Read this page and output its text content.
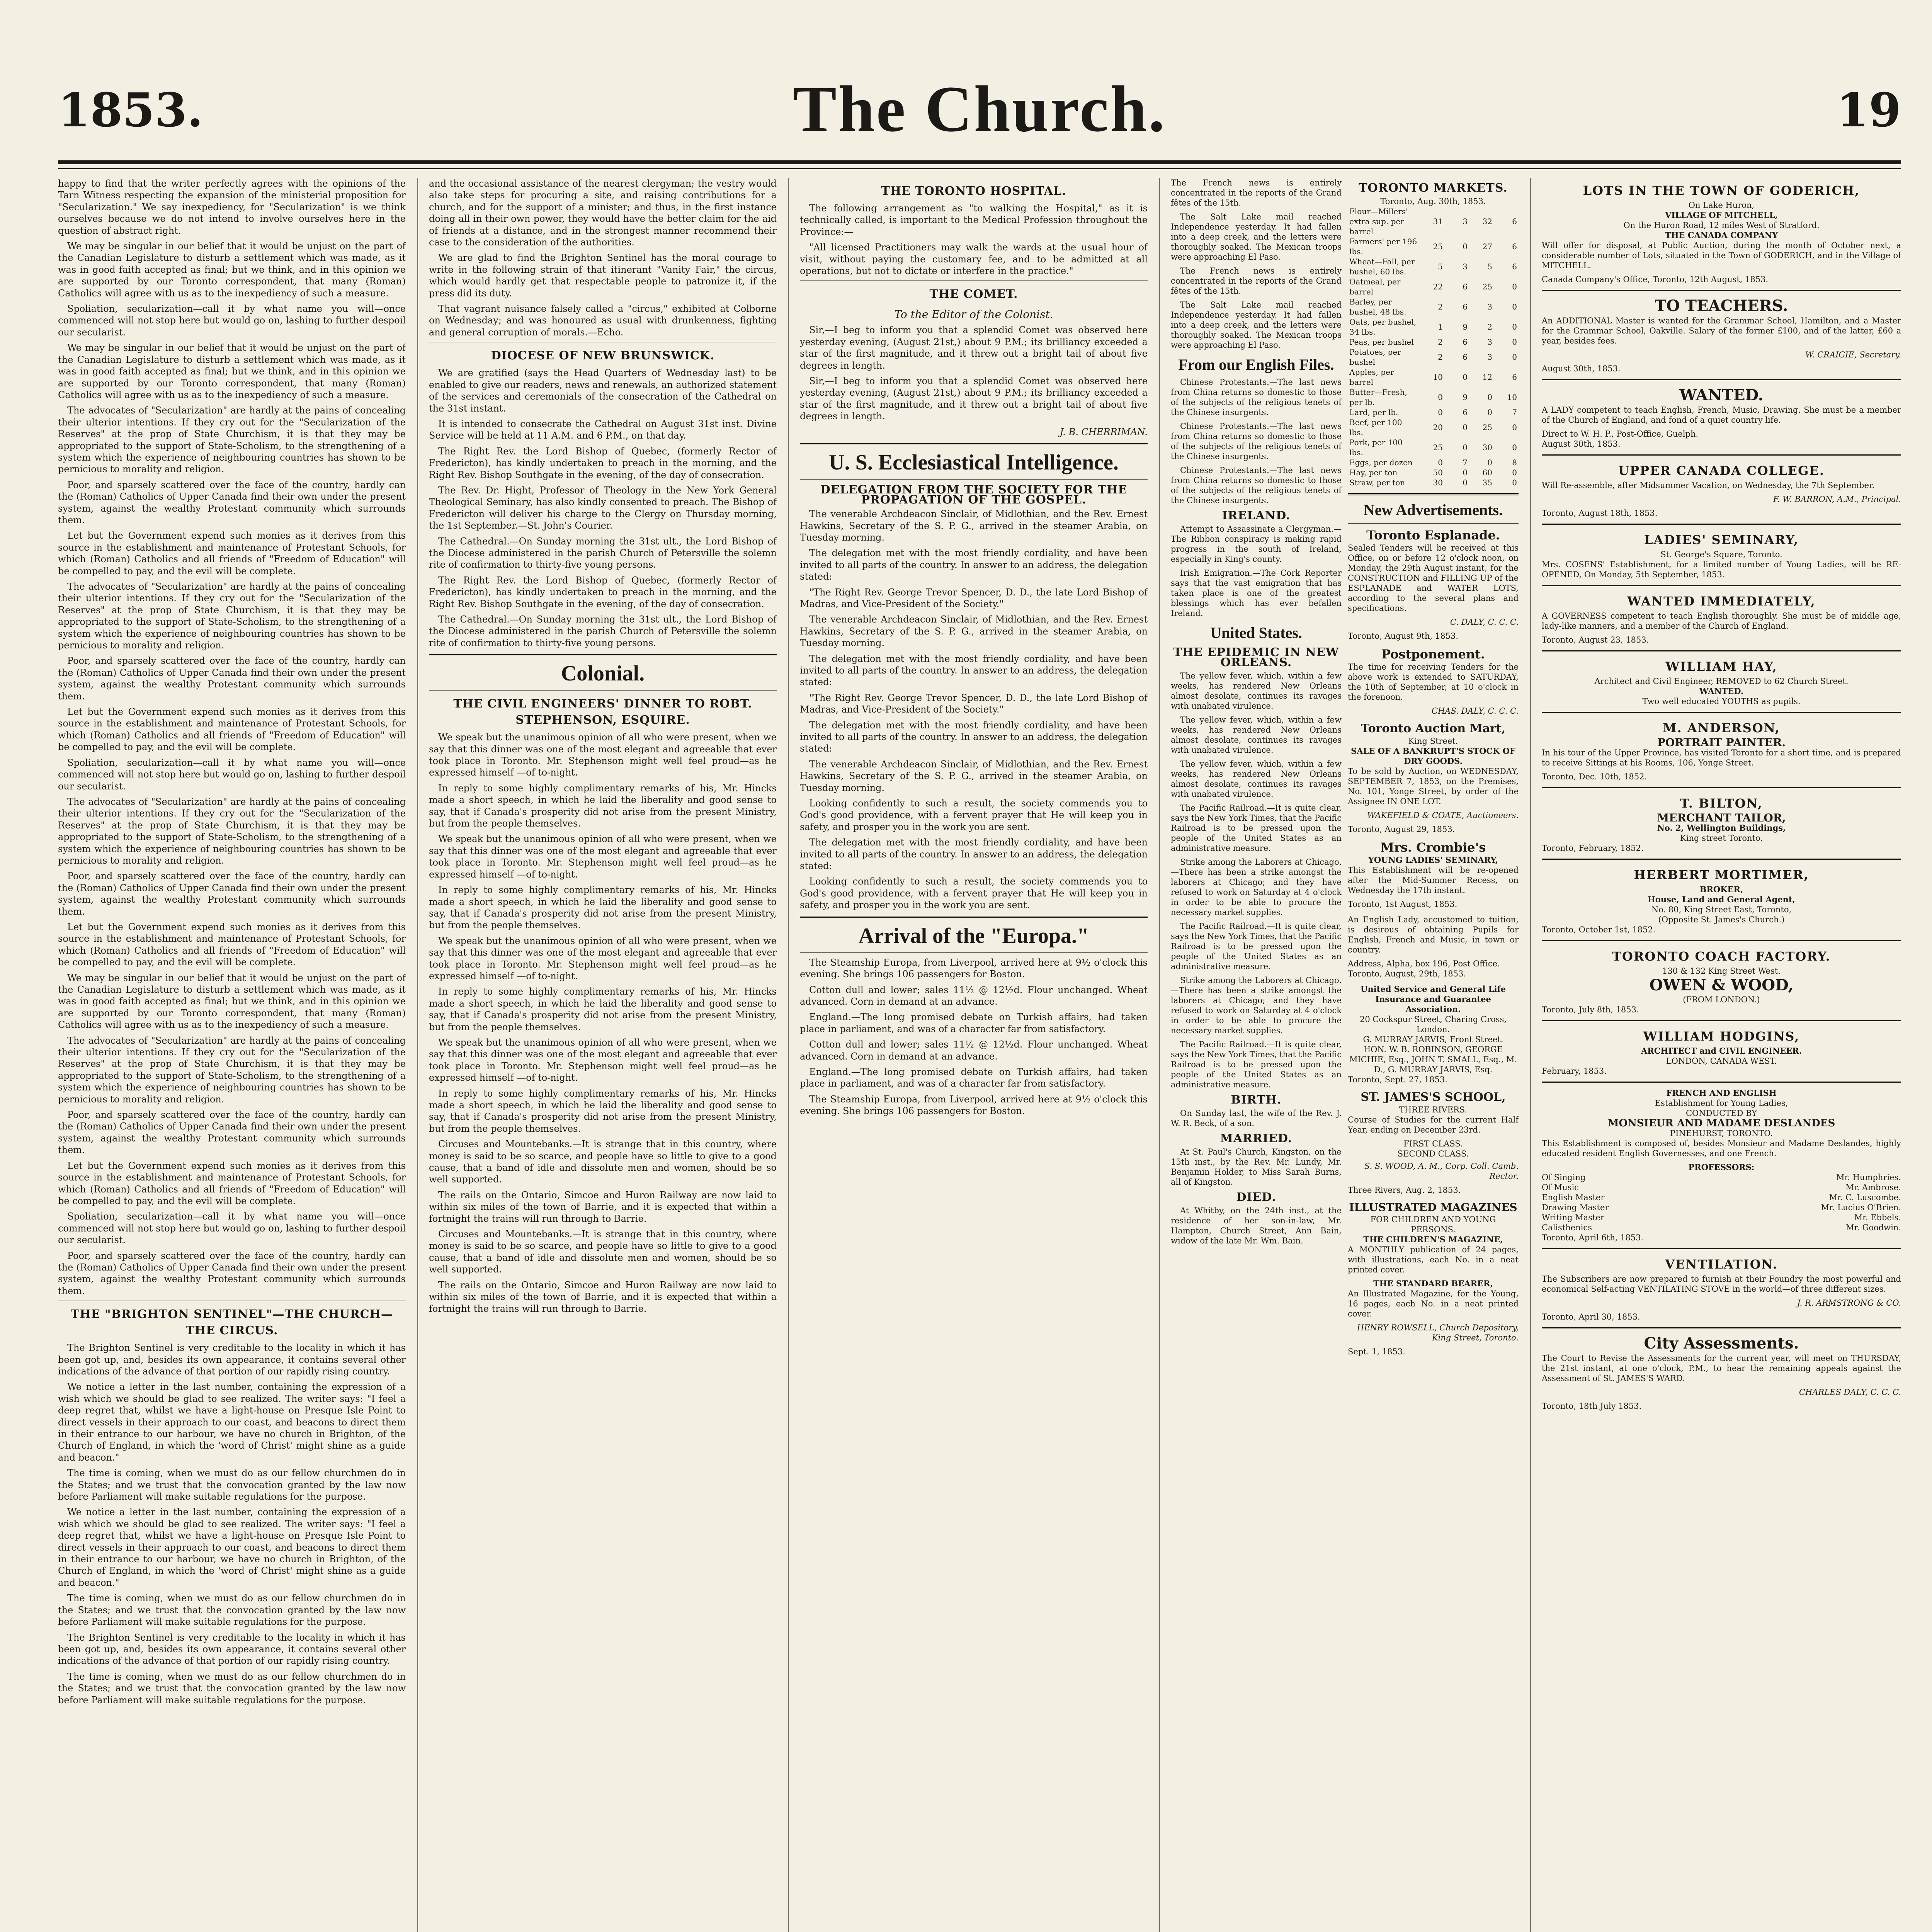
1853.	The Church.	19

happy to find that the writer perfectly agrees with the opinions of the Tarn Witness respecting the expansion of the ministerial proposition for "Secularization." We say inexpediency, for "Secularization" is we think ourselves because we do not intend to involve ourselves here in the question of abstract right.

We may be singular in our belief that it would be unjust on the part of the Canadian Legislature to disturb a settlement which was made, as it was in good faith accepted as final; but we think, and in this opinion we are supported by our Toronto correspondent, that many (Roman) Catholics will agree with us as to the inexpediency of such a measure.

Spoliation, secularization—call it by what name you will—once commenced will not stop here but would go on, lashing to further despoil our secularist.

We may be singular in our belief that it would be unjust on the part of the Canadian Legislature to disturb a settlement which was made, as it was in good faith accepted as final; but we think, and in this opinion we are supported by our Toronto correspondent, that many (Roman) Catholics will agree with us as to the inexpediency of such a measure.

The advocates of "Secularization" are hardly at the pains of concealing their ulterior intentions. If they cry out for the "Secularization of the Reserves" at the prop of State Churchism, it is that they may be appropriated to the support of State-Scholism, to the strengthening of a system which the experience of neighbouring countries has shown to be pernicious to morality and religion.

Poor, and sparsely scattered over the face of the country, hardly can the (Roman) Catholics of Upper Canada find their own under the present system, against the wealthy Protestant community which surrounds them.

Let but the Government expend such monies as it derives from this source in the establishment and maintenance of Protestant Schools, for which (Roman) Catholics and all friends of "Freedom of Education" will be compelled to pay, and the evil will be complete.

The advocates of "Secularization" are hardly at the pains of concealing their ulterior intentions. If they cry out for the "Secularization of the Reserves" at the prop of State Churchism, it is that they may be appropriated to the support of State-Scholism, to the strengthening of a system which the experience of neighbouring countries has shown to be pernicious to morality and religion.

Poor, and sparsely scattered over the face of the country, hardly can the (Roman) Catholics of Upper Canada find their own under the present system, against the wealthy Protestant community which surrounds them.

Let but the Government expend such monies as it derives from this source in the establishment and maintenance of Protestant Schools, for which (Roman) Catholics and all friends of "Freedom of Education" will be compelled to pay, and the evil will be complete.

Spoliation, secularization—call it by what name you will—once commenced will not stop here but would go on, lashing to further despoil our secularist.

The advocates of "Secularization" are hardly at the pains of concealing their ulterior intentions. If they cry out for the "Secularization of the Reserves" at the prop of State Churchism, it is that they may be appropriated to the support of State-Scholism, to the strengthening of a system which the experience of neighbouring countries has shown to be pernicious to morality and religion.

Poor, and sparsely scattered over the face of the country, hardly can the (Roman) Catholics of Upper Canada find their own under the present system, against the wealthy Protestant community which surrounds them.

Let but the Government expend such monies as it derives from this source in the establishment and maintenance of Protestant Schools, for which (Roman) Catholics and all friends of "Freedom of Education" will be compelled to pay, and the evil will be complete.

We may be singular in our belief that it would be unjust on the part of the Canadian Legislature to disturb a settlement which was made, as it was in good faith accepted as final; but we think, and in this opinion we are supported by our Toronto correspondent, that many (Roman) Catholics will agree with us as to the inexpediency of such a measure.

The advocates of "Secularization" are hardly at the pains of concealing their ulterior intentions. If they cry out for the "Secularization of the Reserves" at the prop of State Churchism, it is that they may be appropriated to the support of State-Scholism, to the strengthening of a system which the experience of neighbouring countries has shown to be pernicious to morality and religion.

Poor, and sparsely scattered over the face of the country, hardly can the (Roman) Catholics of Upper Canada find their own under the present system, against the wealthy Protestant community which surrounds them.

Let but the Government expend such monies as it derives from this source in the establishment and maintenance of Protestant Schools, for which (Roman) Catholics and all friends of "Freedom of Education" will be compelled to pay, and the evil will be complete.

Spoliation, secularization—call it by what name you will—once commenced will not stop here but would go on, lashing to further despoil our secularist.

Poor, and sparsely scattered over the face of the country, hardly can the (Roman) Catholics of Upper Canada find their own under the present system, against the wealthy Protestant community which surrounds them.

THE "BRIGHTON SENTINEL"—THE CHURCH—THE CIRCUS.

The Brighton Sentinel is very creditable to the locality in which it has been got up, and, besides its own appearance, it contains several other indications of the advance of that portion of our rapidly rising country.

We notice a letter in the last number, containing the expression of a wish which we should be glad to see realized. The writer says: "I feel a deep regret that, whilst we have a light-house on Presque Isle Point to direct vessels in their approach to our coast, and beacons to direct them in their entrance to our harbour, we have no church in Brighton, of the Church of England, in which the 'word of Christ' might shine as a guide and beacon."

The time is coming, when we must do as our fellow churchmen do in the States; and we trust that the convocation granted by the law now before Parliament will make suitable regulations for the purpose.

We notice a letter in the last number, containing the expression of a wish which we should be glad to see realized. The writer says: "I feel a deep regret that, whilst we have a light-house on Presque Isle Point to direct vessels in their approach to our coast, and beacons to direct them in their entrance to our harbour, we have no church in Brighton, of the Church of England, in which the 'word of Christ' might shine as a guide and beacon."

The time is coming, when we must do as our fellow churchmen do in the States; and we trust that the convocation granted by the law now before Parliament will make suitable regulations for the purpose.

The Brighton Sentinel is very creditable to the locality in which it has been got up, and, besides its own appearance, it contains several other indications of the advance of that portion of our rapidly rising country.

The time is coming, when we must do as our fellow churchmen do in the States; and we trust that the convocation granted by the law now before Parliament will make suitable regulations for the purpose.

and the occasional assistance of the nearest clergyman; the vestry would also take steps for procuring a site, and raising contributions for a church, and for the support of a minister; and thus, in the first instance doing all in their own power, they would have the better claim for the aid of friends at a distance, and in the strongest manner recommend their case to the consideration of the authorities.

We are glad to find the Brighton Sentinel has the moral courage to write in the following strain of that itinerant "Vanity Fair," the circus, which would hardly get that respectable people to patronize it, if the press did its duty.

That vagrant nuisance falsely called a "circus," exhibited at Colborne on Wednesday; and was honoured as usual with drunkenness, fighting and general corruption of morals.—Echo.

DIOCESE OF NEW BRUNSWICK.

We are gratified (says the Head Quarters of Wednesday last) to be enabled to give our readers, news and renewals, an authorized statement of the services and ceremonials of the consecration of the Cathedral on the 31st instant.

It is intended to consecrate the Cathedral on August 31st inst. Divine Service will be held at 11 A.M. and 6 P.M., on that day.

The Right Rev. the Lord Bishop of Quebec, (formerly Rector of Fredericton), has kindly undertaken to preach in the morning, and the Right Rev. Bishop Southgate in the evening, of the day of consecration.

The Rev. Dr. Hight, Professor of Theology in the New York General Theological Seminary, has also kindly consented to preach. The Bishop of Fredericton will deliver his charge to the Clergy on Thursday morning, the 1st September.—St. John's Courier.

The Cathedral.—On Sunday morning the 31st ult., the Lord Bishop of the Diocese administered in the parish Church of Petersville the solemn rite of confirmation to thirty-five young persons.

The Right Rev. the Lord Bishop of Quebec, (formerly Rector of Fredericton), has kindly undertaken to preach in the morning, and the Right Rev. Bishop Southgate in the evening, of the day of consecration.

The Cathedral.—On Sunday morning the 31st ult., the Lord Bishop of the Diocese administered in the parish Church of Petersville the solemn rite of confirmation to thirty-five young persons.

Colonial.
THE CIVIL ENGINEERS' DINNER TO ROBT. STEPHENSON, ESQUIRE.

We speak but the unanimous opinion of all who were present, when we say that this dinner was one of the most elegant and agreeable that ever took place in Toronto. Mr. Stephenson might well feel proud—as he expressed himself —of to-night.

In reply to some highly complimentary remarks of his, Mr. Hincks made a short speech, in which he laid the liberality and good sense to say, that if Canada's prosperity did not arise from the present Ministry, but from the people themselves.

We speak but the unanimous opinion of all who were present, when we say that this dinner was one of the most elegant and agreeable that ever took place in Toronto. Mr. Stephenson might well feel proud—as he expressed himself —of to-night.

In reply to some highly complimentary remarks of his, Mr. Hincks made a short speech, in which he laid the liberality and good sense to say, that if Canada's prosperity did not arise from the present Ministry, but from the people themselves.

We speak but the unanimous opinion of all who were present, when we say that this dinner was one of the most elegant and agreeable that ever took place in Toronto. Mr. Stephenson might well feel proud—as he expressed himself —of to-night.

In reply to some highly complimentary remarks of his, Mr. Hincks made a short speech, in which he laid the liberality and good sense to say, that if Canada's prosperity did not arise from the present Ministry, but from the people themselves.

We speak but the unanimous opinion of all who were present, when we say that this dinner was one of the most elegant and agreeable that ever took place in Toronto. Mr. Stephenson might well feel proud—as he expressed himself —of to-night.

In reply to some highly complimentary remarks of his, Mr. Hincks made a short speech, in which he laid the liberality and good sense to say, that if Canada's prosperity did not arise from the present Ministry, but from the people themselves.

Circuses and Mountebanks.—It is strange that in this country, where money is said to be so scarce, and people have so little to give to a good cause, that a band of idle and dissolute men and women, should be so well supported.

The rails on the Ontario, Simcoe and Huron Railway are now laid to within six miles of the town of Barrie, and it is expected that within a fortnight the trains will run through to Barrie.

Circuses and Mountebanks.—It is strange that in this country, where money is said to be so scarce, and people have so little to give to a good cause, that a band of idle and dissolute men and women, should be so well supported.

The rails on the Ontario, Simcoe and Huron Railway are now laid to within six miles of the town of Barrie, and it is expected that within a fortnight the trains will run through to Barrie.

THE TORONTO HOSPITAL.

The following arrangement as "to walking the Hospital," as it is technically called, is important to the Medical Profession throughout the Province:—

"All licensed Practitioners may walk the wards at the usual hour of visit, without paying the customary fee, and to be admitted at all operations, but not to dictate or interfere in the practice."

THE COMET.
To the Editor of the Colonist.

Sir,—I beg to inform you that a splendid Comet was observed here yesterday evening, (August 21st,) about 9 P.M.; its brilliancy exceeded a star of the first magnitude, and it threw out a bright tail of about five degrees in length.

Sir,—I beg to inform you that a splendid Comet was observed here yesterday evening, (August 21st,) about 9 P.M.; its brilliancy exceeded a star of the first magnitude, and it threw out a bright tail of about five degrees in length.

J. B. CHERRIMAN.
U. S. Ecclesiastical Intelligence.
DELEGATION FROM THE SOCIETY FOR THE PROPAGATION OF THE GOSPEL.

The venerable Archdeacon Sinclair, of Midlothian, and the Rev. Ernest Hawkins, Secretary of the S. P. G., arrived in the steamer Arabia, on Tuesday morning.

The delegation met with the most friendly cordiality, and have been invited to all parts of the country. In answer to an address, the delegation stated:

"The Right Rev. George Trevor Spencer, D. D., the late Lord Bishop of Madras, and Vice-President of the Society."

The venerable Archdeacon Sinclair, of Midlothian, and the Rev. Ernest Hawkins, Secretary of the S. P. G., arrived in the steamer Arabia, on Tuesday morning.

The delegation met with the most friendly cordiality, and have been invited to all parts of the country. In answer to an address, the delegation stated:

"The Right Rev. George Trevor Spencer, D. D., the late Lord Bishop of Madras, and Vice-President of the Society."

The delegation met with the most friendly cordiality, and have been invited to all parts of the country. In answer to an address, the delegation stated:

The venerable Archdeacon Sinclair, of Midlothian, and the Rev. Ernest Hawkins, Secretary of the S. P. G., arrived in the steamer Arabia, on Tuesday morning.

Looking confidently to such a result, the society commends you to God's good providence, with a fervent prayer that He will keep you in safety, and prosper you in the work you are sent.

The delegation met with the most friendly cordiality, and have been invited to all parts of the country. In answer to an address, the delegation stated:

Looking confidently to such a result, the society commends you to God's good providence, with a fervent prayer that He will keep you in safety, and prosper you in the work you are sent.

Arrival of the "Europa."

The Steamship Europa, from Liverpool, arrived here at 9½ o'clock this evening. She brings 106 passengers for Boston.

Cotton dull and lower; sales 11½ @ 12½d. Flour unchanged. Wheat advanced. Corn in demand at an advance.

England.—The long promised debate on Turkish affairs, had taken place in parliament, and was of a character far from satisfactory.

Cotton dull and lower; sales 11½ @ 12½d. Flour unchanged. Wheat advanced. Corn in demand at an advance.

England.—The long promised debate on Turkish affairs, had taken place in parliament, and was of a character far from satisfactory.

The Steamship Europa, from Liverpool, arrived here at 9½ o'clock this evening. She brings 106 passengers for Boston.

The French news is entirely concentrated in the reports of the Grand fêtes of the 15th.

The Salt Lake mail reached Independence yesterday. It had fallen into a deep creek, and the letters were thoroughly soaked. The Mexican troops were approaching El Paso.

The French news is entirely concentrated in the reports of the Grand fêtes of the 15th.

The Salt Lake mail reached Independence yesterday. It had fallen into a deep creek, and the letters were thoroughly soaked. The Mexican troops were approaching El Paso.

From our English Files.

Chinese Protestants.—The last news from China returns so domestic to those of the subjects of the religious tenets of the Chinese insurgents.

Chinese Protestants.—The last news from China returns so domestic to those of the subjects of the religious tenets of the Chinese insurgents.

Chinese Protestants.—The last news from China returns so domestic to those of the subjects of the religious tenets of the Chinese insurgents.

IRELAND.

Attempt to Assassinate a Clergyman.—The Ribbon conspiracy is making rapid progress in the south of Ireland, especially in King's county.

Irish Emigration.—The Cork Reporter says that the vast emigration that has taken place is one of the greatest blessings which has ever befallen Ireland.

United States.
THE EPIDEMIC IN NEW ORLEANS.

The yellow fever, which, within a few weeks, has rendered New Orleans almost desolate, continues its ravages with unabated virulence.

The yellow fever, which, within a few weeks, has rendered New Orleans almost desolate, continues its ravages with unabated virulence.

The yellow fever, which, within a few weeks, has rendered New Orleans almost desolate, continues its ravages with unabated virulence.

The Pacific Railroad.—It is quite clear, says the New York Times, that the Pacific Railroad is to be pressed upon the people of the United States as an administrative measure.

Strike among the Laborers at Chicago.—There has been a strike amongst the laborers at Chicago; and they have refused to work on Saturday at 4 o'clock in order to be able to procure the necessary market supplies.

The Pacific Railroad.—It is quite clear, says the New York Times, that the Pacific Railroad is to be pressed upon the people of the United States as an administrative measure.

Strike among the Laborers at Chicago.—There has been a strike amongst the laborers at Chicago; and they have refused to work on Saturday at 4 o'clock in order to be able to procure the necessary market supplies.

The Pacific Railroad.—It is quite clear, says the New York Times, that the Pacific Railroad is to be pressed upon the people of the United States as an administrative measure.

BIRTH.

On Sunday last, the wife of the Rev. J. W. R. Beck, of a son.

MARRIED.

At St. Paul's Church, Kingston, on the 15th inst., by the Rev. Mr. Lundy, Mr. Benjamin Holder, to Miss Sarah Burns, all of Kingston.

DIED.

At Whitby, on the 24th inst., at the residence of her son-in-law, Mr. Hampton, Church Street, Ann Bain, widow of the late Mr. Wm. Bain.

TORONTO MARKETS.
Toronto, Aug. 30th, 1853.
Flour—Millers' extra sup. per barrel	31	3	32	6
Farmers' per 196 lbs.	25	0	27	6
Wheat—Fall, per bushel, 60 lbs.	5	3	5	6
Oatmeal, per barrel	22	6	25	0
Barley, per bushel, 48 lbs.	2	6	3	0
Oats, per bushel, 34 lbs.	1	9	2	0
Peas, per bushel	2	6	3	0
Potatoes, per bushel	2	6	3	0
Apples, per barrel	10	0	12	6
Butter—Fresh, per lb.	0	9	0	10
Lard, per lb.	0	6	0	7
Beef, per 100 lbs.	20	0	25	0
Pork, per 100 lbs.	25	0	30	0
Eggs, per dozen	0	7	0	8
Hay, per ton	50	0	60	0
Straw, per ton	30	0	35	0
New Advertisements.
Toronto Esplanade.

Sealed Tenders will be received at this Office, on or before 12 o'clock noon, on Monday, the 29th August instant, for the CONSTRUCTION and FILLING UP of the ESPLANADE and WATER LOTS, according to the several plans and specifications.

C. DALY, C. C. C.
Toronto, August 9th, 1853.
Postponement.

The time for receiving Tenders for the above work is extended to SATURDAY, the 10th of September, at 10 o'clock in the forenoon.

CHAS. DALY, C. C. C.
Toronto Auction Mart,
King Street.
SALE OF A BANKRUPT'S STOCK OF DRY GOODS.

To be sold by Auction, on WEDNESDAY, SEPTEMBER 7, 1853, on the Premises, No. 101, Yonge Street, by order of the Assignee IN ONE LOT.

WAKEFIELD & COATE, Auctioneers.
Toronto, August 29, 1853.
Mrs. Crombie's
YOUNG LADIES' SEMINARY,

This Establishment will be re-opened after the Mid-Summer Recess, on Wednesday the 17th instant.

Toronto, 1st August, 1853.

An English Lady, accustomed to tuition, is desirous of obtaining Pupils for English, French and Music, in town or country.

Address, Alpha, box 196, Post Office.
Toronto, August, 29th, 1853.
United Service and General Life Insurance and Guarantee Association.
20 Cockspur Street, Charing Cross, London.
G. MURRAY JARVIS, Front Street.
HON. W. B. ROBINSON, GEORGE MICHIE, Esq., JOHN T. SMALL, Esq., M. D., G. MURRAY JARVIS, Esq.
Toronto, Sept. 27, 1853.
ST. JAMES'S SCHOOL,
THREE RIVERS.

Course of Studies for the current Half Year, ending on December 23rd.

FIRST CLASS.
SECOND CLASS.
S. S. WOOD, A. M., Corp. Coll. Camb. Rector.
Three Rivers, Aug. 2, 1853.
ILLUSTRATED MAGAZINES
FOR CHILDREN AND YOUNG PERSONS.
THE CHILDREN'S MAGAZINE,

A MONTHLY publication of 24 pages, with illustrations, each No. in a neat printed cover.

THE STANDARD BEARER,

An Illustrated Magazine, for the Young, 16 pages, each No. in a neat printed cover.

HENRY ROWSELL, Church Depository, King Street, Toronto.
Sept. 1, 1853.
LOTS IN THE TOWN OF GODERICH,
On Lake Huron,
VILLAGE OF MITCHELL,
On the Huron Road, 12 miles West of Stratford.
THE CANADA COMPANY

Will offer for disposal, at Public Auction, during the month of October next, a considerable number of Lots, situated in the Town of GODERICH, and in the Village of MITCHELL.

Canada Company's Office, Toronto, 12th August, 1853.
TO TEACHERS.

An ADDITIONAL Master is wanted for the Grammar School, Hamilton, and a Master for the Grammar School, Oakville. Salary of the former £100, and of the latter, £60 a year, besides fees.

W. CRAIGIE, Secretary.
August 30th, 1853.
WANTED.

A LADY competent to teach English, French, Music, Drawing. She must be a member of the Church of England, and fond of a quiet country life.

Direct to W. H. P., Post-Office, Guelph.
August 30th, 1853.
UPPER CANADA COLLEGE.

Will Re-assemble, after Midsummer Vacation, on Wednesday, the 7th September.

F. W. BARRON, A.M., Principal.
Toronto, August 18th, 1853.
LADIES' SEMINARY,
St. George's Square, Toronto.

Mrs. COSENS' Establishment, for a limited number of Young Ladies, will be RE-OPENED, On Monday, 5th September, 1853.

WANTED IMMEDIATELY,

A GOVERNESS competent to teach English thoroughly. She must be of middle age, lady-like manners, and a member of the Church of England.

Toronto, August 23, 1853.
WILLIAM HAY,
Architect and Civil Engineer, REMOVED to 62 Church Street.
WANTED.
Two well educated YOUTHS as pupils.
M. ANDERSON,
PORTRAIT PAINTER.

In his tour of the Upper Province, has visited Toronto for a short time, and is prepared to receive Sittings at his Rooms, 106, Yonge Street.

Toronto, Dec. 10th, 1852.
T. BILTON,
MERCHANT TAILOR,
No. 2, Wellington Buildings,
King street Toronto.
Toronto, February, 1852.
HERBERT MORTIMER,
BROKER,
House, Land and General Agent,
No. 80, King Street East, Toronto,
(Opposite St. James's Church.)
Toronto, October 1st, 1852.
TORONTO COACH FACTORY.
130 & 132 King Street West.
OWEN & WOOD,
(FROM LONDON.)
Toronto, July 8th, 1853.
WILLIAM HODGINS,
ARCHITECT and CIVIL ENGINEER.
LONDON, CANADA WEST.
February, 1853.
FRENCH AND ENGLISH
Establishment for Young Ladies,
CONDUCTED BY
MONSIEUR AND MADAME DESLANDES
PINEHURST, TORONTO.

This Establishment is composed of, besides Monsieur and Madame Deslandes, highly educated resident English Governesses, and one French.

PROFESSORS:
Of Singing	Mr. Humphries.
Of Music	Mr. Ambrose.
English Master	Mr. C. Luscombe.
Drawing Master	Mr. Lucius O'Brien.
Writing Master	Mr. Ebbels.
Calisthenics	Mr. Goodwin.
Toronto, April 6th, 1853.
VENTILATION.

The Subscribers are now prepared to furnish at their Foundry the most powerful and economical Self-acting VENTILATING STOVE in the world—of three different sizes.

J. R. ARMSTRONG & CO.
Toronto, April 30, 1853.
City Assessments.

The Court to Revise the Assessments for the current year, will meet on THURSDAY, the 21st instant, at one o'clock, P.M., to hear the remaining appeals against the Assessment of St. JAMES'S WARD.

CHARLES DALY, C. C. C.
Toronto, 18th July 1853.
